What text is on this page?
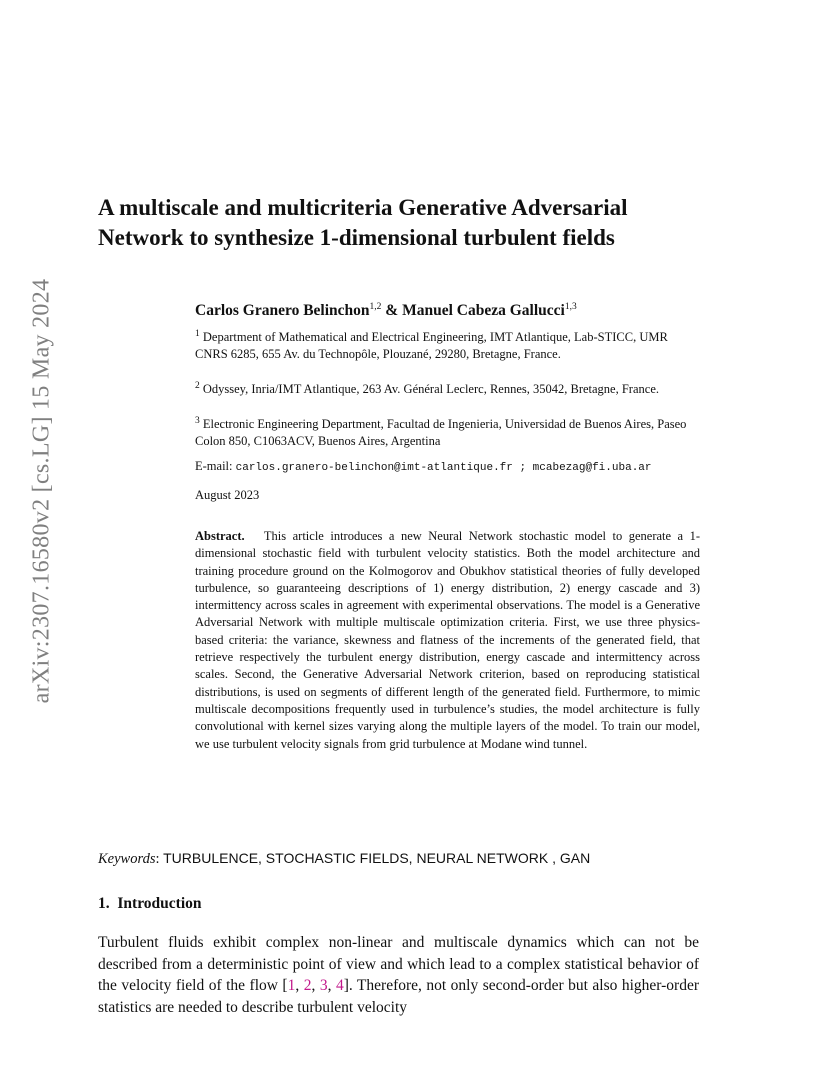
arXiv:2307.16580v2 [cs.LG] 15 May 2024
A multiscale and multicriteria Generative Adversarial Network to synthesize 1-dimensional turbulent fields
Carlos Granero Belinchon$^{1,2}$ & Manuel Cabeza Gallucci$^{1,3}$

$^1$ Department of Mathematical and Electrical Engineering, IMT Atlantique, Lab-STICC, UMR CNRS 6285, 655 Av. du Technopôle, Plouzané, 29280, Bretagne, France.

$^2$ Odyssey, Inria/IMT Atlantique, 263 Av. Général Leclerc, Rennes, 35042, Bretagne, France.

$^3$ Electronic Engineering Department, Facultad de Ingenieria, Universidad de Buenos Aires, Paseo Colon 850, C1063ACV, Buenos Aires, Argentina

E-mail: carlos.granero-belinchon@imt-atlantique.fr ; mcabezag@fi.uba.ar
August 2023

Abstract. This article introduces a new Neural Network stochastic model to generate a 1-dimensional stochastic field with turbulent velocity statistics. Both the model architecture and training procedure ground on the Kolmogorov and Obukhov statistical theories of fully developed turbulence, so guaranteeing descriptions of 1) energy distribution, 2) energy cascade and 3) intermittency across scales in agreement with experimental observations. The model is a Generative Adversarial Network with multiple multiscale optimization criteria. First, we use three physics-based criteria: the variance, skewness and flatness of the increments of the generated field, that retrieve respectively the turbulent energy distribution, energy cascade and intermittency across scales. Second, the Generative Adversarial Network criterion, based on reproducing statistical distributions, is used on segments of different length of the generated field. Furthermore, to mimic multiscale decompositions frequently used in turbulence’s studies, the model architecture is fully convolutional with kernel sizes varying along the multiple layers of the model. To train our model, we use turbulent velocity signals from grid turbulence at Modane wind tunnel.

Keywords: TURBULENCE, STOCHASTIC FIELDS, NEURAL NETWORK , GAN
1. Introduction

Turbulent fluids exhibit complex non-linear and multiscale dynamics which can not be described from a deterministic point of view and which lead to a complex statistical behavior of the velocity field of the flow [1, 2, 3, 4]. Therefore, not only second-order but also higher-order statistics are needed to describe turbulent velocity
